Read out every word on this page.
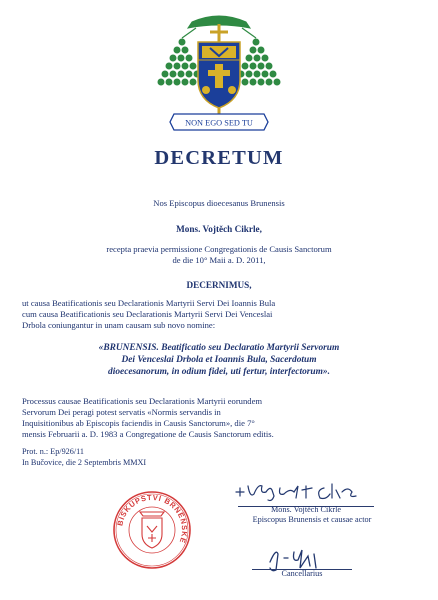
NON EGO SED TU
DECRETUM
Nos Episcopus dioecesanus Brunensis
Mons. Vojtěch Cikrle,
recepta praevia permissione Congregationis de Causis Sanctorum
de die 10° Maii a. D. 2011,
DECERNIMUS,
ut causa Beatificationis seu Declarationis Martyrii Servi Dei Ioannis Bula
cum causa Beatificationis seu Declarationis Martyrii Servi Dei Venceslai
Drbola coniungantur in unam causam sub novo nomine:
«BRUNENSIS. Beatificatio seu Declaratio Martyrii Servorum
Dei Venceslai Drbola et Ioannis Bula, Sacerdotum
dioecesanorum, in odium fidei, uti fertur, interfectorum».
Processus causae Beatificationis seu Declarationis Martyrii eorundem
Servorum Dei peragi potest servatis «Normis servandis in
Inquisitionibus ab Episcopis faciendis in Causis Sanctorum», die 7°
mensis Februarii a. D. 1983 a Congregatione de Causis Sanctorum editis.
Prot. n.: Ep/926/11
In Bučovice, die 2 Septembris MMXI
Mons. Vojtěch Cikrle
Episcopus Brunensis et causae actor
BISKUPSTVÍ BRNĚNSKÉ
Cancellarius
